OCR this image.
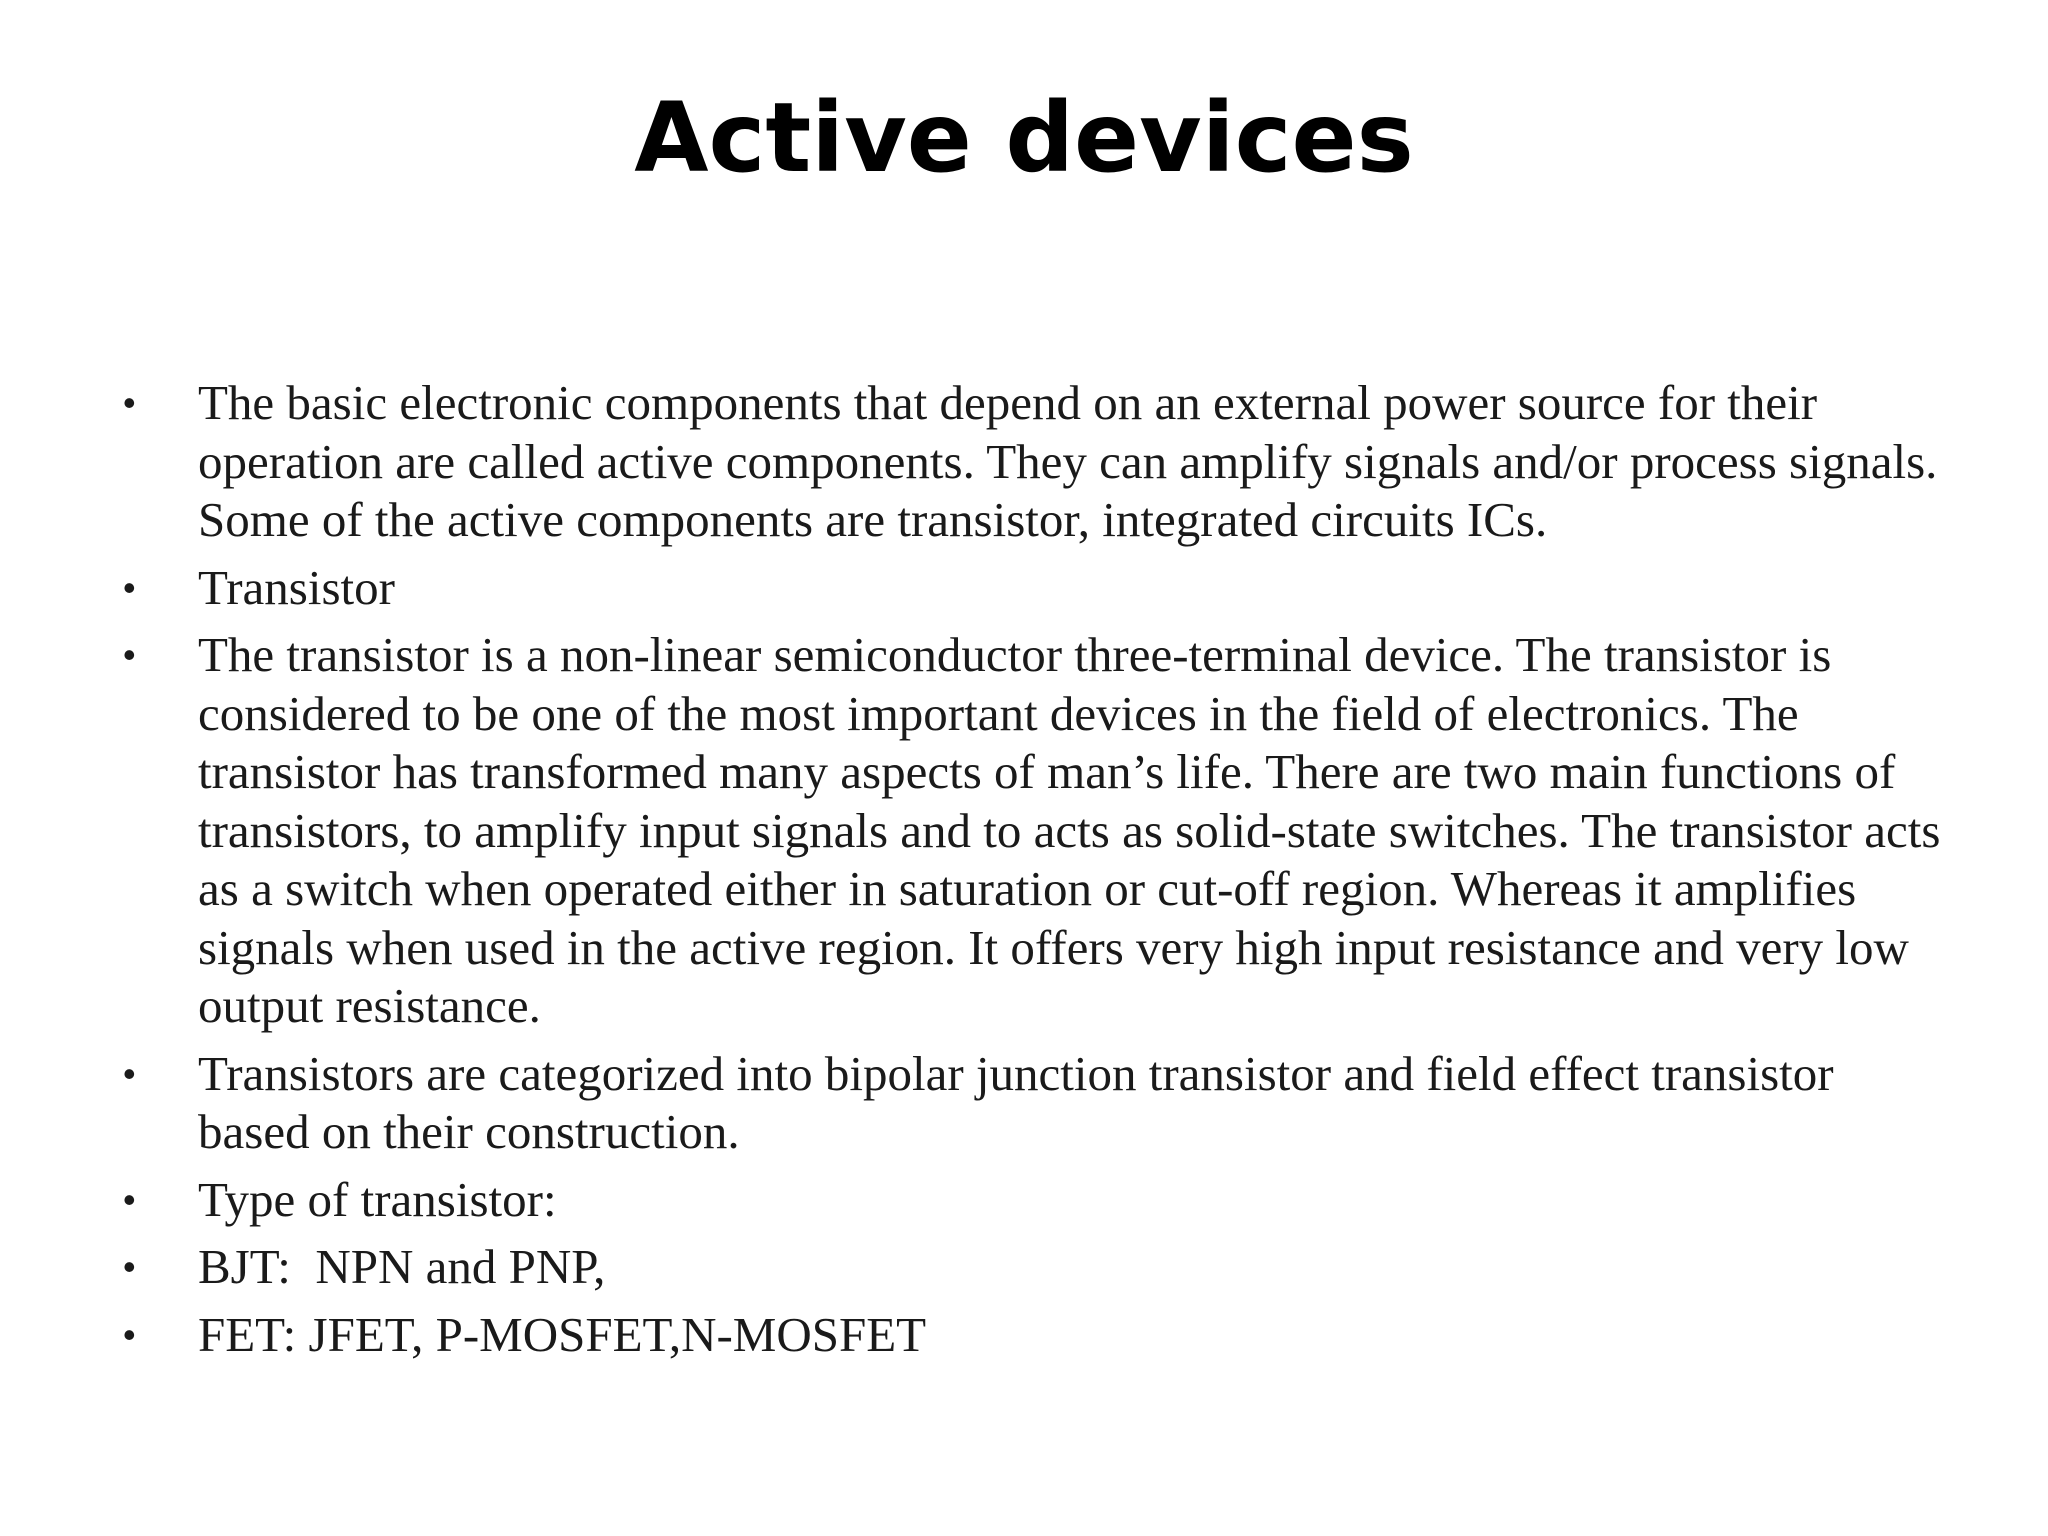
Active devices
• The basic electronic components that depend on an external power source for their operation are called active components. They can amplify signals and/or process signals. Some of the active components are transistor, integrated circuits ICs.
• Transistor
• The transistor is a non-linear semiconductor three-terminal device. The transistor is considered to be one of the most important devices in the field of electronics. The transistor has transformed many aspects of man’s life. There are two main functions of transistors, to amplify input signals and to acts as solid-state switches. The transistor acts as a switch when operated either in saturation or cut-off region. Whereas it amplifies signals when used in the active region. It offers very high input resistance and very low output resistance.
• Transistors are categorized into bipolar junction transistor and field effect transistor based on their construction.
• Type of transistor:
• BJT:  NPN and PNP,
• FET: JFET, P-MOSFET,N-MOSFET
